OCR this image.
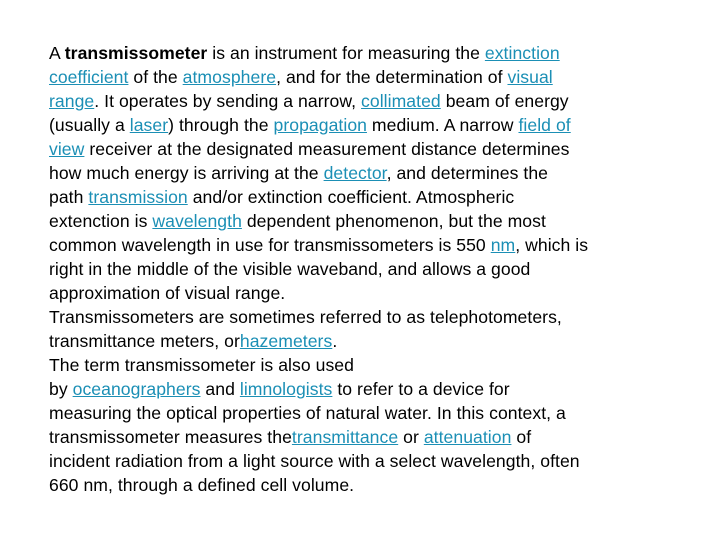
A transmissometer is an instrument for measuring the extinction
coefficient of the atmosphere, and for the determination of visual
range. It operates by sending a narrow, collimated beam of energy
(usually a laser) through the propagation medium. A narrow field of
view receiver at the designated measurement distance determines
how much energy is arriving at the detector, and determines the
path transmission and/or extinction coefficient. Atmospheric
extenction is wavelength dependent phenomenon, but the most
common wavelength in use for transmissometers is 550 nm, which is
right in the middle of the visible waveband, and allows a good
approximation of visual range.
Transmissometers are sometimes referred to as telephotometers,
transmittance meters, orhazemeters.
The term transmissometer is also used
by oceanographers and limnologists to refer to a device for
measuring the optical properties of natural water. In this context, a
transmissometer measures thetransmittance or attenuation of
incident radiation from a light source with a select wavelength, often
660 nm, through a defined cell volume.
